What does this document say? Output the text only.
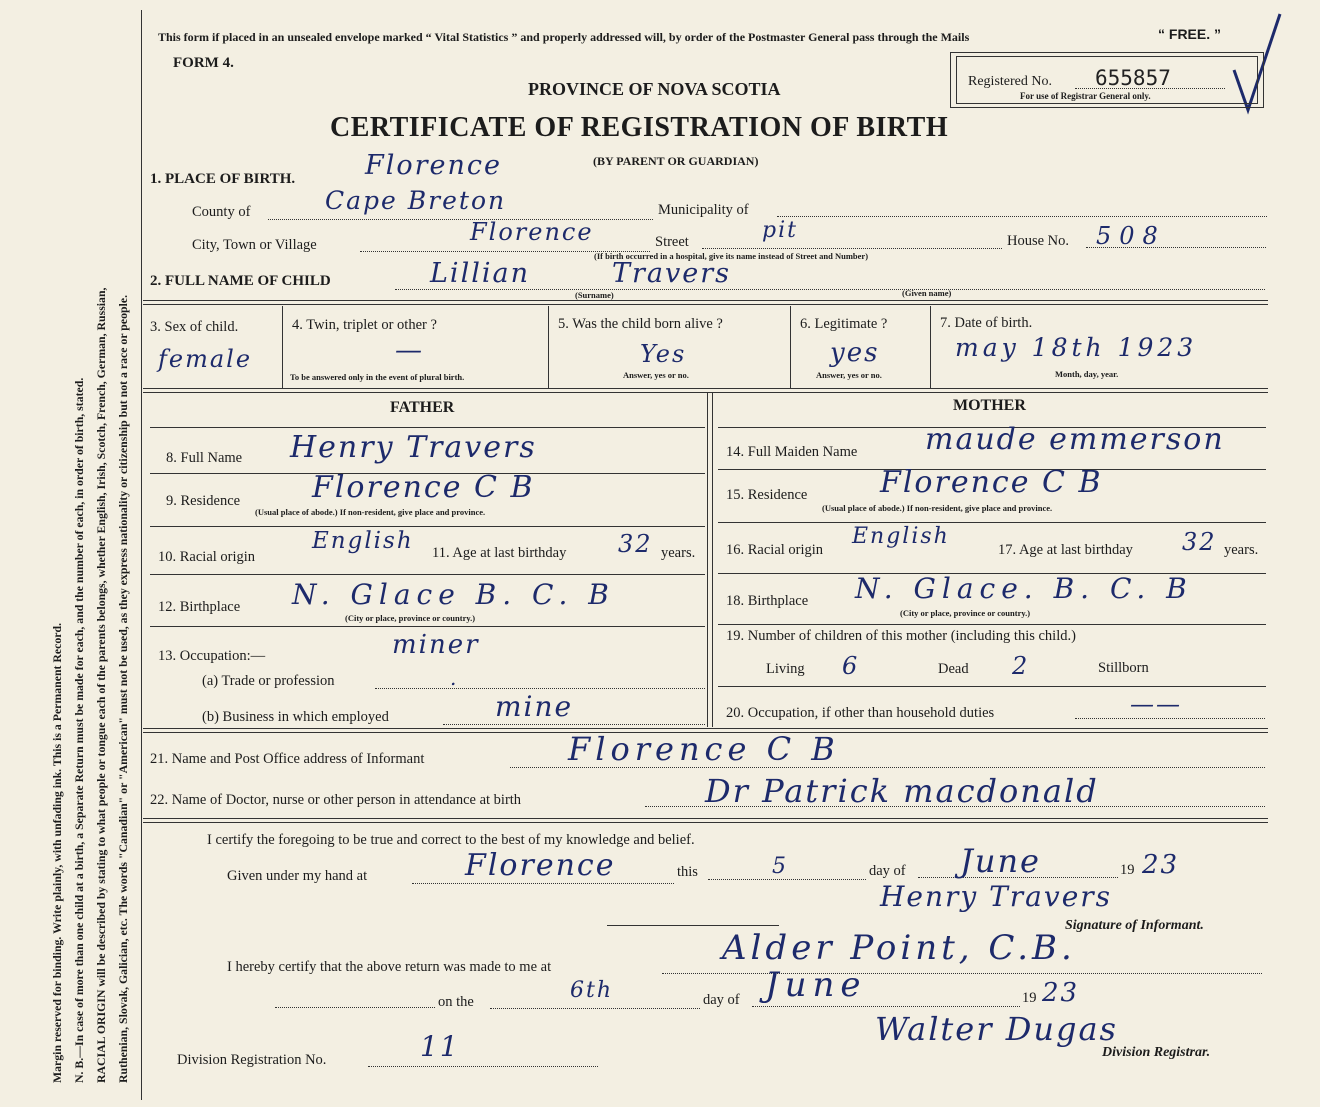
Margin reserved for binding. Write plainly, with unfading ink. This is a Permanent Record. N. B.—In case of more than one child at a birth, a Separate Return must be made for each, and the number of each, in order of birth, stated. RACIAL ORIGIN will be described by stating to what people or tongue each of the parents belongs, whether English, Irish, Scotch, French, German, Russian, Ruthenian, Slovak, Galician, etc. The words "Canadian" or "American" must not be used, as they express nationality or citizenship but not a race or people.
This form if placed in an unsealed envelope marked “ Vital Statistics ” and properly addressed will, by order of the Postmaster General pass through the Mails	“ FREE. ”
FORM 4.
PROVINCE OF NOVA SCOTIA
CERTIFICATE OF REGISTRATION OF BIRTH
(BY PARENT OR GUARDIAN)
Registered No. 655857
For use of Registrar General only.
1. PLACE OF BIRTH.	Florence
County of	Cape Breton	Municipality of
City, Town or Village	Florence	Street	pit	House No. 508
(If birth occurred in a hospital, give its name instead of Street and Number)
2. FULL NAME OF CHILD	Lillian	Travers
(Surname)	(Given name)
3. Sex of child.
female
4. Twin, triplet or other ?
—
To be answered only in the event of plural birth.
5. Was the child born alive ?
Yes
Answer, yes or no.
6. Legitimate ?
yes
Answer, yes or no.
7. Date of birth.
may 18th 1923
Month, day, year.
FATHER	MOTHER
8. Full Name Henry Travers
9. Residence Florence C B
(Usual place of abode.) If non-resident, give place and province.
10. Racial origin
English 11. Age at last birthday 32 years.
12. Birthplace N. Glace B. C. B
(City or place, province or country.)
13. Occupation:—	miner
(a) Trade or profession	.
(b) Business in which employed	mine
14. Full Maiden Name maude emmerson
15. Residence Florence C B
(Usual place of abode.) If non-resident, give place and province.
16. Racial origin
English
17. Age at last birthday 32 years.
18. Birthplace N. Glace. B. C. B
(City or place, province or country.)
19. Number of children of this mother (including this child.)
Living 6	Dead 2	Stillborn
20. Occupation, if other than household duties	——
21. Name and Post Office address of Informant	Florence C B
22. Name of Doctor, nurse or other person in attendance at birth	Dr Patrick macdonald
I certify the foregoing to be true and correct to the best of my knowledge and belief.
Given under my hand at	Florence	this	5	day of June	19 23
Henry Travers
Signature of Informant.
I hereby certify that the above return was made to me at	Alder Point, C.B.
on the	6th	day of June	19 23
Walter Dugas
Division Registration No.	11	Division Registrar.
